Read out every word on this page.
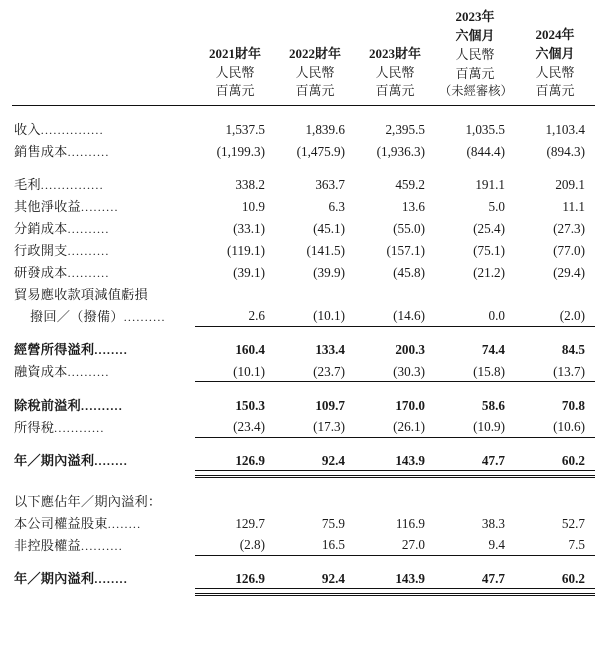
	2021財年
人民幣
百萬元	2022財年
人民幣
百萬元	2023財年
人民幣
百萬元	2023年
六個月
人民幣
百萬元
（未經審核）	2024年
六個月
人民幣
百萬元

收入...............	1,537.5	1,839.6	2,395.5	1,035.5	1,103.4
銷售成本..........	(1,199.3)	(1,475.9)	(1,936.3)	(844.4)	(894.3)

毛利...............	338.2	363.7	459.2	191.1	209.1
其他淨收益.........	10.9	6.3	13.6	5.0	11.1
分銷成本..........	(33.1)	(45.1)	(55.0)	(25.4)	(27.3)
行政開支..........	(119.1)	(141.5)	(157.1)	(75.1)	(77.0)
研發成本..........	(39.1)	(39.9)	(45.8)	(21.2)	(29.4)
貿易應收款項減值虧損					
撥回／（撥備）..........	2.6	(10.1)	(14.6)	0.0	(2.0)

經營所得溢利........	160.4	133.4	200.3	74.4	84.5
融資成本..........	(10.1)	(23.7)	(30.3)	(15.8)	(13.7)

除稅前溢利..........	150.3	109.7	170.0	58.6	70.8
所得稅............	(23.4)	(17.3)	(26.1)	(10.9)	(10.6)

年／期內溢利........	126.9	92.4	143.9	47.7	60.2

以下應佔年／期內溢利：					
本公司權益股東........	129.7	75.9	116.9	38.3	52.7
非控股權益..........	(2.8)	16.5	27.0	9.4	7.5

年／期內溢利........	126.9	92.4	143.9	47.7	60.2
